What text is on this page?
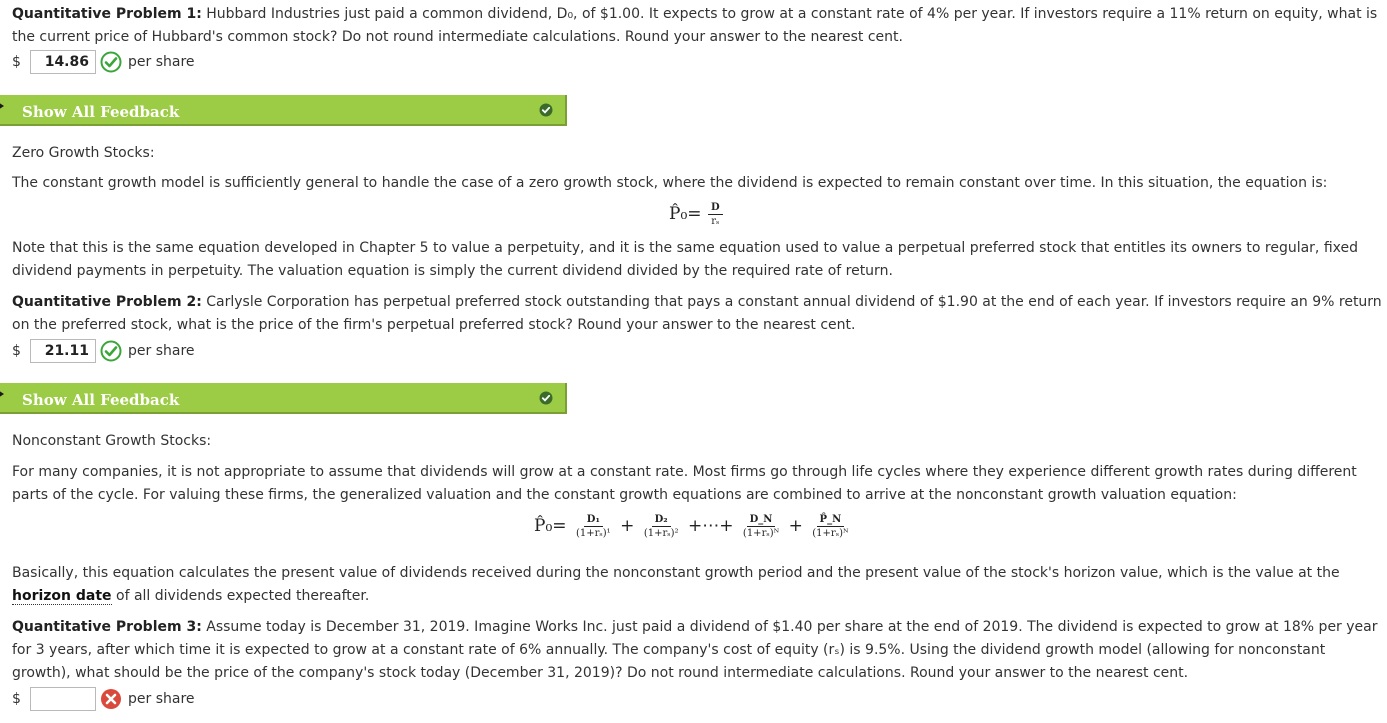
Quantitative Problem 1: Hubbard Industries just paid a common dividend, D₀, of $1.00. It expects to grow at a constant rate of 4% per year. If investors require a 11% return on equity, what is the current price of Hubbard's common stock? Do not round intermediate calculations. Round your answer to the nearest cent.

$	14.86	per share
Show All Feedback

Zero Growth Stocks:

The constant growth model is sufficiently general to handle the case of a zero growth stock, where the dividend is expected to remain constant over time. In this situation, the equation is:

P̂₀= $\frac{D}{\text{rₛ}}$

Note that this is the same equation developed in Chapter 5 to value a perpetuity, and it is the same equation used to value a perpetual preferred stock that entitles its owners to regular, fixed dividend payments in perpetuity. The valuation equation is simply the current dividend divided by the required rate of return.

Quantitative Problem 2: Carlysle Corporation has perpetual preferred stock outstanding that pays a constant annual dividend of $1.90 at the end of each year. If investors require an 9% return on the preferred stock, what is the price of the firm's perpetual preferred stock? Round your answer to the nearest cent.

$	21.11	per share
Show All Feedback

Nonconstant Growth Stocks:

For many companies, it is not appropriate to assume that dividends will grow at a constant rate. Most firms go through life cycles where they experience different growth rates during different parts of the cycle. For valuing these firms, the generalized valuation and the constant growth equations are combined to arrive at the nonconstant growth valuation equation:

P̂₀= $\frac{\text{D₁}}{\text{(1+rₛ)¹}} + \frac{\text{D₂}}{\text{(1+rₛ)²}}$ +⋯+ $\frac{D\_N}{\text{(1+rₛ)ᴺ}} + \frac{P̂\_N}{\text{(1+rₛ)ᴺ}}$

Basically, this equation calculates the present value of dividends received during the nonconstant growth period and the present value of the stock's horizon value, which is the value at the horizon date of all dividends expected thereafter.

Quantitative Problem 3: Assume today is December 31, 2019. Imagine Works Inc. just paid a dividend of $1.40 per share at the end of 2019. The dividend is expected to grow at 18% per year for 3 years, after which time it is expected to grow at a constant rate of 6% annually. The company's cost of equity (rₛ) is 9.5%. Using the dividend growth model (allowing for nonconstant growth), what should be the price of the company's stock today (December 31, 2019)? Do not round intermediate calculations. Round your answer to the nearest cent.

$	per share
